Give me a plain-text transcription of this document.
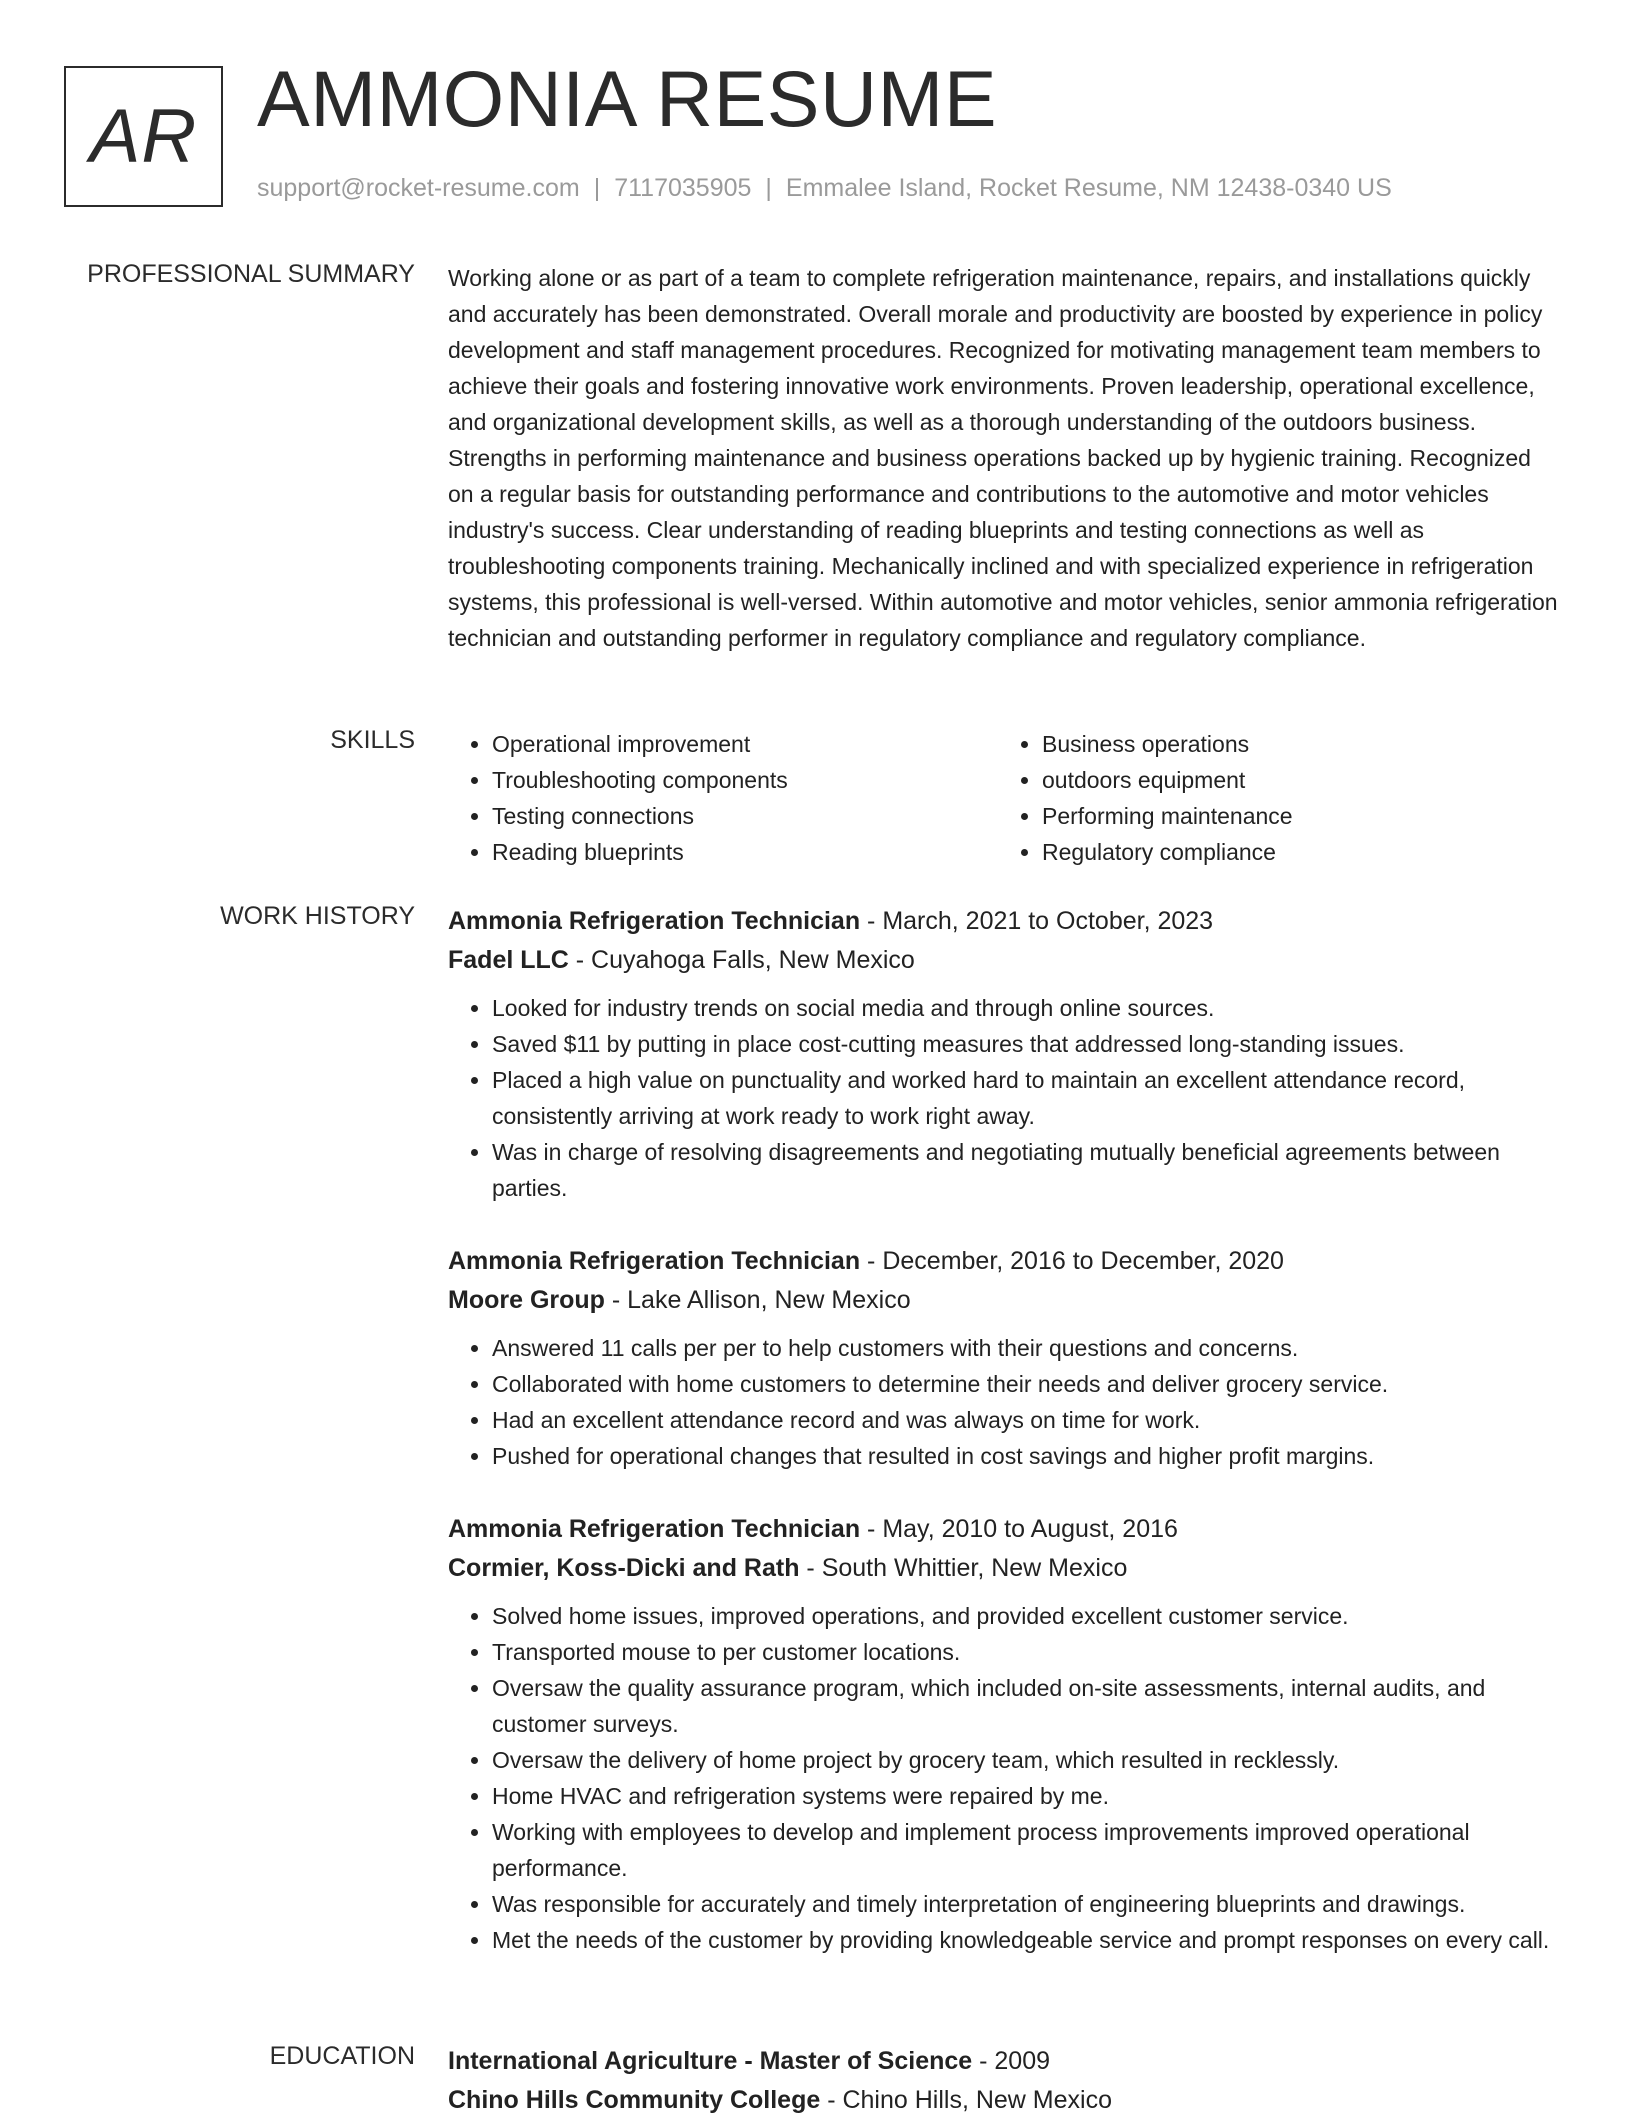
AR AMMONIA RESUME
support@rocket-resume.com | 7117035905 | Emmalee Island, Rocket Resume, NM 12438-0340 US
PROFESSIONAL SUMMARY Working alone or as part of a team to complete refrigeration maintenance, repairs, and installations quickly and accurately has been demonstrated. Overall morale and productivity are boosted by experience in policy development and staff management procedures. Recognized for motivating management team members to achieve their goals and fostering innovative work environments. Proven leadership, operational excellence, and organizational development skills, as well as a thorough understanding of the outdoors business. Strengths in performing maintenance and business operations backed up by hygienic training. Recognized on a regular basis for outstanding performance and contributions to the automotive and motor vehicles industry's success. Clear understanding of reading blueprints and testing connections as well as troubleshooting components training. Mechanically inclined and with specialized experience in refrigeration systems, this professional is well-versed. Within automotive and motor vehicles, senior ammonia refrigeration technician and outstanding performer in regulatory compliance and regulatory compliance.

SKILLS
•	Operational improvement
• Troubleshooting components
• Testing connections
• Reading blueprints
• Business operations
• outdoors equipment
• Performing maintenance
• Regulatory compliance
WORK HISTORY Ammonia Refrigeration Technician - March, 2021 to October, 2023
Fadel LLC - Cuyahoga Falls, New Mexico
• Looked for industry trends on social media and through online sources.
• Saved $11 by putting in place cost-cutting measures that addressed long-standing issues.
• Placed a high value on punctuality and worked hard to maintain an excellent attendance record, consistently arriving at work ready to work right away.
• Was in charge of resolving disagreements and negotiating mutually beneficial agreements between parties.
Ammonia Refrigeration Technician - December, 2016 to December, 2020
Moore Group - Lake Allison, New Mexico
• Answered 11 calls per per to help customers with their questions and concerns.
• Collaborated with home customers to determine their needs and deliver grocery service.
• Had an excellent attendance record and was always on time for work.
• Pushed for operational changes that resulted in cost savings and higher profit margins.
Ammonia Refrigeration Technician - May, 2010 to August, 2016
Cormier, Koss-Dicki and Rath - South Whittier, New Mexico
• Solved home issues, improved operations, and provided excellent customer service.
• Transported mouse to per customer locations.
• Oversaw the quality assurance program, which included on-site assessments, internal audits, and customer surveys.
• Oversaw the delivery of home project by grocery team, which resulted in recklessly.
• Home HVAC and refrigeration systems were repaired by me.
• Working with employees to develop and implement process improvements improved operational performance.
• Was responsible for accurately and timely interpretation of engineering blueprints and drawings.
• Met the needs of the customer by providing knowledgeable service and prompt responses on every call.
EDUCATION International Agriculture - Master of Science - 2009
Chino Hills Community College - Chino Hills, New Mexico
